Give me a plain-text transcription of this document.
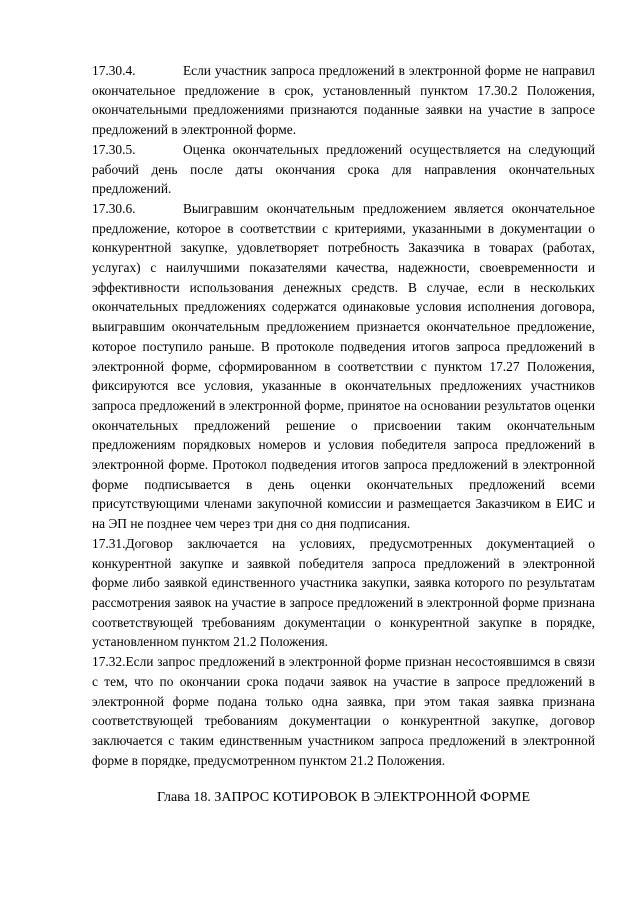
17.30.4.	Если участник запроса предложений в электронной форме не направил окончательное предложение в срок, установленный пунктом 17.30.2 Положения, окончательными предложениями признаются поданные заявки на участие в запросе предложений в электронной форме.

17.30.5.	Оценка окончательных предложений осуществляется на следующий рабочий день после даты окончания срока для направления окончательных предложений.

17.30.6.	Выигравшим окончательным предложением является окончательное предложение, которое в соответствии с критериями, указанными в документации о конкурентной закупке, удовлетворяет потребность Заказчика в товарах (работах, услугах) с наилучшими показателями качества, надежности, своевременности и эффективности использования денежных средств. В случае, если в нескольких окончательных предложениях содержатся одинаковые условия исполнения договора, выигравшим окончательным предложением признается окончательное предложение, которое поступило раньше. В протоколе подведения итогов запроса предложений в электронной форме, сформированном в соответствии с пунктом 17.27 Положения, фиксируются все условия, указанные в окончательных предложениях участников запроса предложений в электронной форме, принятое на основании результатов оценки окончательных предложений решение о присвоении таким окончательным предложениям порядковых номеров и условия победителя запроса предложений в электронной форме. Протокол подведения итогов запроса предложений в электронной форме подписывается в день оценки окончательных предложений всеми присутствующими членами закупочной комиссии и размещается Заказчиком в ЕИС и на ЭП не позднее чем через три дня со дня подписания.

17.31.Договор заключается на условиях, предусмотренных документацией о конкурентной закупке и заявкой победителя запроса предложений в электронной форме либо заявкой единственного участника закупки, заявка которого по результатам рассмотрения заявок на участие в запросе предложений в электронной форме признана соответствующей требованиям документации о конкурентной закупке в порядке, установленном пунктом 21.2 Положения.

17.32.Если запрос предложений в электронной форме признан несостоявшимся в связи с тем, что по окончании срока подачи заявок на участие в запросе предложений в электронной форме подана только одна заявка, при этом такая заявка признана соответствующей требованиям документации о конкурентной закупке, договор заключается с таким единственным участником запроса предложений в электронной форме в порядке, предусмотренном пунктом 21.2 Положения.

Глава 18. ЗАПРОС КОТИРОВОК В ЭЛЕКТРОННОЙ ФОРМЕ
